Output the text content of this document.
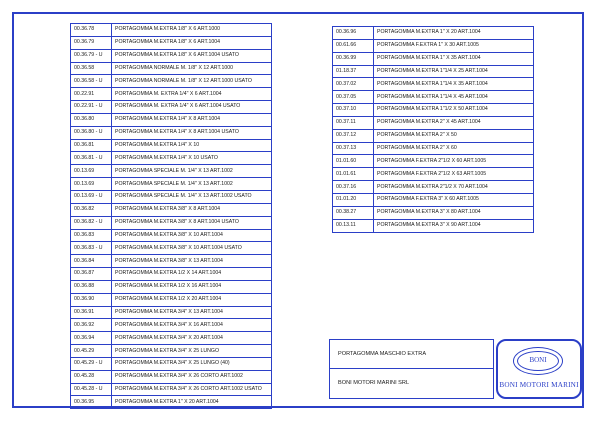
00.36.78	PORTAGOMMA M.EXTRA 1/8" X 6 ART.1000
00.36.79	PORTAGOMMA M.EXTRA 1/8" X 6 ART.1004
00.36.79 - U	PORTAGOMMA M.EXTRA 1/8" X 6 ART.1004 USATO
00.36.58	PORTAGOMMA NORMALE M. 1/8" X 12 ART.1000
00.36.58 - U	PORTAGOMMA NORMALE M. 1/8" X 12 ART.1000 USATO
00.22.91	PORTAGOMMA M. EXTRA 1/4" X 6 ART.1004
00.22.91 - U	PORTAGOMMA M. EXTRA 1/4" X 6 ART.1004 USATO
00.36.80	PORTAGOMMA M.EXTRA 1/4" X 8 ART.1004
00.36.80 - U	PORTAGOMMA M.EXTRA 1/4" X 8 ART.1004 USATO
00.36.81	PORTAGOMMA M.EXTRA 1/4" X 10
00.36.81 - U	PORTAGOMMA M.EXTRA 1/4" X 10 USATO
00.13.69	PORTAGOMMA SPECIALE M. 1/4" X 13 ART.1002
00.13.69	PORTAGOMMA SPECIALE M. 1/4" X 13 ART.1002
00.13.69 - U	PORTAGOMMA SPECIALE M. 1/4" X 13 ART.1002 USATO
00.36.82	PORTAGOMMA M.EXTRA 3/8" X 8 ART.1004
00.36.82 - U	PORTAGOMMA M.EXTRA 3/8" X 8 ART.1004 USATO
00.36.83	PORTAGOMMA M.EXTRA 3/8" X 10 ART.1004
00.36.83 - U	PORTAGOMMA M.EXTRA 3/8" X 10 ART.1004 USATO
00.36.84	PORTAGOMMA M.EXTRA 3/8" X 13 ART.1004
00.36.87	PORTAGOMMA M.EXTRA 1/2 X 14 ART.1004
00.36.88	PORTAGOMMA M.EXTRA 1/2 X 16 ART.1004
00.36.90	PORTAGOMMA M.EXTRA 1/2 X 20 ART.1004
00.36.91	PORTAGOMMA M.EXTRA 3/4" X 13 ART.1004
00.36.92	PORTAGOMMA M.EXTRA 3/4" X 16 ART.1004
00.36.94	PORTAGOMMA M.EXTRA 3/4" X 20 ART.1004
00.45.29	PORTAGOMMA M.EXTRA 3/4" X 25 LUNGO
00.45.29 - U	PORTAGOMMA M.EXTRA 3/4" X 25 LUNGO (40)
00.45.28	PORTAGOMMA M.EXTRA 3/4" X 26 CORTO ART.1002
00.45.28 - U	PORTAGOMMA M.EXTRA 3/4" X 26 CORTO ART.1002 USATO
00.36.95	PORTAGOMMA M.EXTRA 1" X 20 ART.1004
00.36.96	PORTAGOMMA M.EXTRA 1" X 20 ART.1004
00.61.66	PORTAGOMMA F.EXTRA 1" X 30 ART.1005
00.36.99	PORTAGOMMA M.EXTRA 1" X 35 ART.1004
01.18.37	PORTAGOMMA M.EXTRA 1"1/4 X 25 ART.1004
00.37.02	PORTAGOMMA M.EXTRA 1"1/4 X 35 ART.1004
00.37.05	PORTAGOMMA M.EXTRA 1"1/4 X 45 ART.1004
00.37.10	PORTAGOMMA M.EXTRA 1"1/2 X 50 ART.1004
00.37.11	PORTAGOMMA M.EXTRA 2" X 45 ART.1004
00.37.12	PORTAGOMMA M.EXTRA 2" X 50
00.37.13	PORTAGOMMA M.EXTRA 2" X 60
01.01.60	PORTAGOMMA F.EXTRA 2"1/2 X 60 ART.1005
01.01.61	PORTAGOMMA F.EXTRA 2"1/2 X 63 ART.1005
00.37.16	PORTAGOMMA M.EXTRA 2"1/2 X 70 ART.1004
01.01.20	PORTAGOMMA F.EXTRA 3" X 60 ART.1005
00.38.27	PORTAGOMMA M.EXTRA 3" X 80 ART.1004
00.13.11	PORTAGOMMA M.EXTRA 3" X 90 ART.1004
PORTAGOMMA MASCHIO EXTRA
BONI MOTORI MARINI SRL
BONI
BONI MOTORI MARINI
